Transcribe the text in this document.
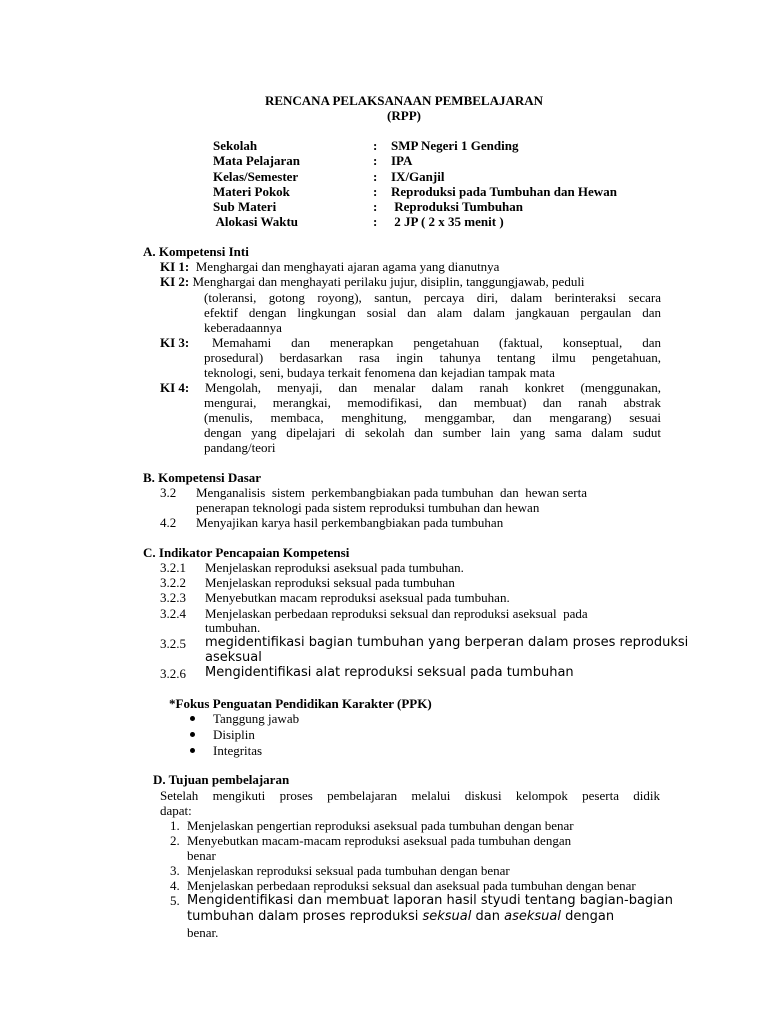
RENCANA PELAKSANAAN PEMBELAJARAN
(RPP)
Sekolah	: SMP Negeri 1 Gending
Mata Pelajaran	: IPA
Kelas/Semester	: IX/Ganjil
Materi Pokok	: Reproduksi pada Tumbuhan dan Hewan
Sub Materi	: Reproduksi Tumbuhan
Alokasi Waktu	: 2 JP ( 2 x 35 menit )
A. Kompetensi Inti
KI 1: Menghargai dan menghayati ajaran agama yang dianutnya
KI 2: Menghargai dan menghayati perilaku jujur, disiplin, tanggungjawab, peduli
(toleransi, gotong royong), santun, percaya diri, dalam berinteraksi secara
efektif dengan lingkungan sosial dan alam dalam jangkauan pergaulan dan
keberadaannya
KI 3: Memahami dan menerapkan pengetahuan (faktual, konseptual, dan
prosedural) berdasarkan rasa ingin tahunya tentang ilmu pengetahuan,
teknologi, seni, budaya terkait fenomena dan kejadian tampak mata
KI 4: Mengolah, menyaji, dan menalar dalam ranah konkret (menggunakan,
mengurai, merangkai, memodifikasi, dan membuat) dan ranah abstrak
(menulis, membaca, menghitung, menggambar, dan mengarang) sesuai
dengan yang dipelajari di sekolah dan sumber lain yang sama dalam sudut
pandang/teori
B. Kompetensi Dasar
3.2 Menganalisis  sistem  perkembangbiakan pada tumbuhan  dan  hewan serta
penerapan teknologi pada sistem reproduksi tumbuhan dan hewan
4.2 Menyajikan karya hasil perkembangbiakan pada tumbuhan
C. Indikator Pencapaian Kompetensi
3.2.1 Menjelaskan reproduksi aseksual pada tumbuhan.
3.2.2 Menjelaskan reproduksi seksual pada tumbuhan
3.2.3 Menyebutkan macam reproduksi aseksual pada tumbuhan.
3.2.4 Menjelaskan perbedaan reproduksi seksual dan reproduksi aseksual  pada
tumbuhan.
3.2.5 megidentifikasi bagian tumbuhan yang berperan dalam proses reproduksi
aseksual
3.2.6 Mengidentifikasi alat reproduksi seksual pada tumbuhan
*Fokus Penguatan Pendidikan Karakter (PPK)
Tanggung jawab
Disiplin
Integritas
D. Tujuan pembelajaran
Setelah  mengikuti  proses  pembelajaran  melalui  diskusi  kelompok  peserta  didik
dapat:
1. Menjelaskan pengertian reproduksi aseksual pada tumbuhan dengan benar
2. Menyebutkan macam-macam reproduksi aseksual pada tumbuhan dengan
benar
3. Menjelaskan reproduksi seksual pada tumbuhan dengan benar
4. Menjelaskan perbedaan reproduksi seksual dan aseksual pada tumbuhan dengan benar
5. Mengidentifikasi dan membuat laporan hasil styudi tentang bagian-bagian
tumbuhan dalam proses reproduksi seksual dan aseksual dengan
benar.
